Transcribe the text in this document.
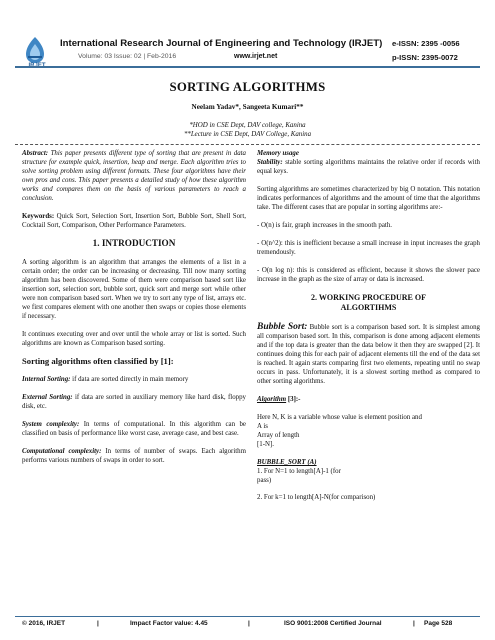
International Research Journal of Engineering and Technology (IRJET) e-ISSN: 2395 -0056
Volume: 03 Issue: 02 | Feb-2016	www.irjet.net	p-ISSN: 2395-0072
SORTING ALGORITHMS
Neelam Yadav*, Sangeeta Kumari**
*HOD in CSE Dept, DAV college, Kanina
**Lecture in CSE Dept, DAV College, Kanina

Abstract: This paper presents different type of sorting that are present in data structure for example quick, insertion, heap and merge. Each algorithm tries to solve sorting problem using different formats. These four algorithms have their own pros and cons. This paper presents a detailed study of how these algorithm works and compares them on the basis of various parameters to reach a conclusion.

Keywords: Quick Sort, Selection Sort, Insertion Sort, Bubble Sort, Shell Sort, Cocktail Sort, Comparison, Other Performance Parameters.

1. INTRODUCTION

A sorting algorithm is an algorithm that arranges the elements of a list in a certain order; the order can be increasing or decreasing. Till now many sorting algorithm has been discovered. Some of them were comparison based sort like insertion sort, selection sort, bubble sort, quick sort and merge sort while other were non comparison based sort. When we try to sort any type of list, arrays etc. we first compares element with one another then swaps or copies those elements if necessary.

It continues executing over and over until the whole array or list is sorted. Such algorithms are known as Comparison based sorting.

Sorting algorithms often classified by [1]:

Internal Sorting: if data are sorted directly in main memory

External Sorting: if data are sorted in auxiliary memory like hard disk, floppy disk, etc.

System complexity: In terms of computational. In this algorithm can be classified on basis of performance like worst case, average case, and best case.

Computational complexity: In terms of number of swaps. Each algorithm performs various numbers of swaps in order to sort.

Memory usage

Stability: stable sorting algorithms maintains the relative order if records with equal keys.

Sorting algorithms are sometimes characterized by big O notation. This notation indicates performances of algorithms and the amount of time that the algorithms take. The different cases that are popular in sorting algorithms are:-

- O(n) is fair, graph increases in the smooth path.

- O(n^2): this is inefficient because a small increase in input increases the graph tremendously.

- O(n log n): this is considered as efficient, because it shows the slower pace increase in the graph as the size of array or data is increased.

2. WORKING PROCEDURE OF
ALGORTIHMS

Bubble Sort: Bubble sort is a comparison based sort. It is simplest among all comparison based sort. In this, comparison is done among adjacent elements and if the top data is greater than the data below it then they are swapped [2]. It continues doing this for each pair of adjacent elements till the end of the data set is reached. It again starts comparing first two elements, repeating until no swap occurs in pass. Unfortunately, it is a slowest sorting method as compared to other sorting algorithms.

Algorithm [3]:-

Here N, K is a variable whose value is element position and
A is
Array of length
[1-N].
BUBBLE_SORT (A)
1. For N=1 to length[A]-1 (for
pass)
2. For k=1 to length[A]-N(for comparison)
© 2016, IRJET	|	Impact Factor value: 4.45	|	ISO 9001:2008 Certified Journal	| Page 528
